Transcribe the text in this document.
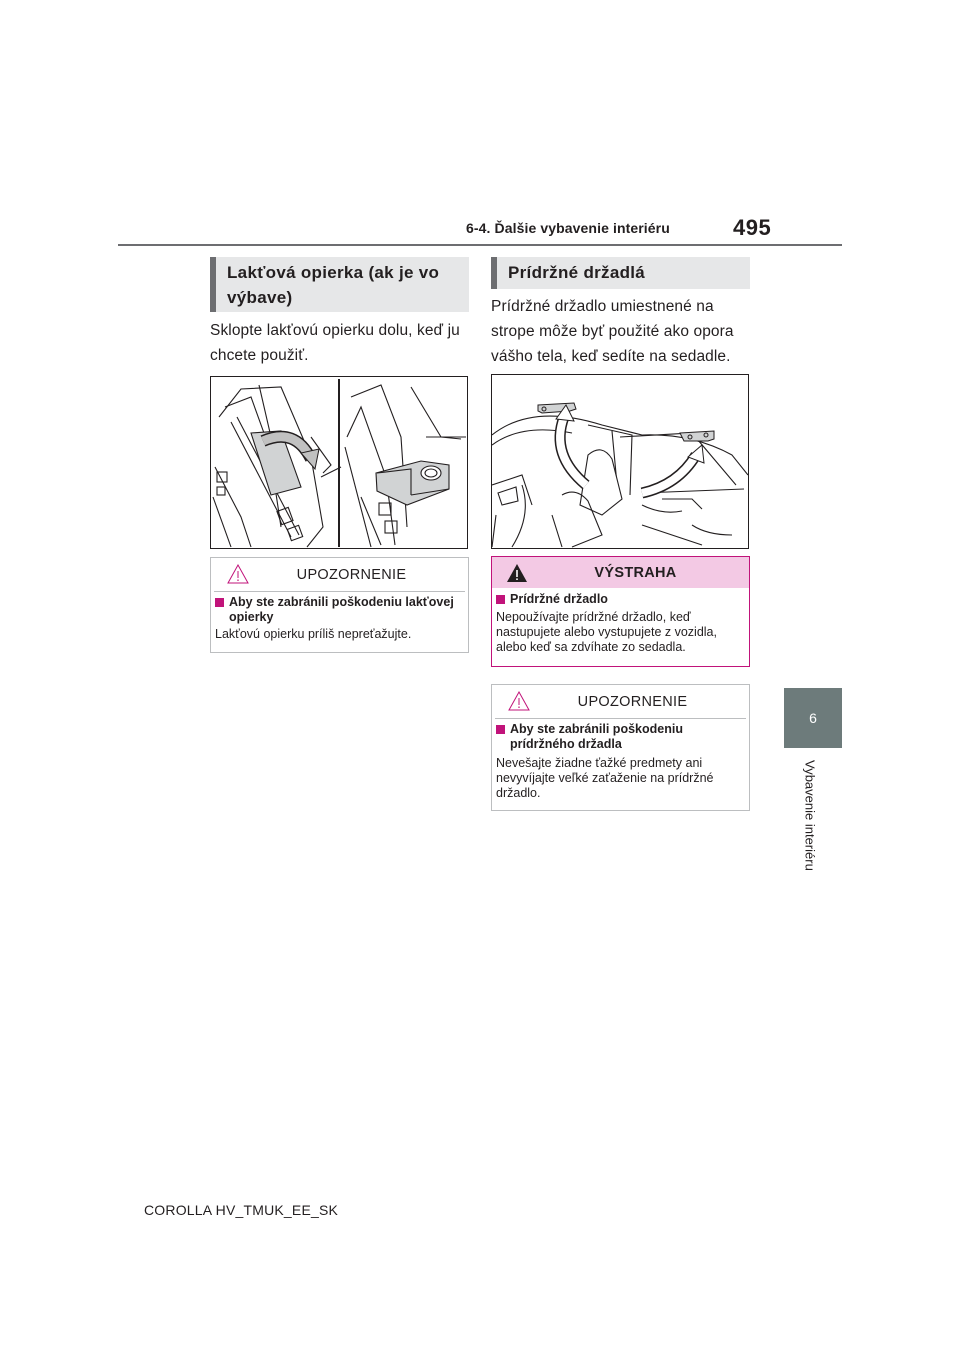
6-4. Ďalšie vybavenie interiéru	495
6
Vybavenie interiéru
Lakťová opierka (ak je vo výbave)
Sklopte lakťovú opierku dolu, keď ju chcete použiť.
UPOZORNENIE
Aby ste zabránili poškodeniu lakťovej opierky
Lakťovú opierku príliš nepreťažujte.
Prídržné držadlá
Prídržné držadlo umiestnené na strope môže byť použité ako opora vášho tela, keď sedíte na sedadle.
VÝSTRAHA
Prídržné držadlo
Nepoužívajte prídržné držadlo, keď nastupujete alebo vystupujete z vozidla, alebo keď sa zdvíhate zo sedadla.
UPOZORNENIE
Aby ste zabránili poškodeniu prídržného držadla
Nevešajte žiadne ťažké predmety ani nevyvíjajte veľké zaťaženie na prídržné držadlo.
COROLLA HV_TMUK_EE_SK
